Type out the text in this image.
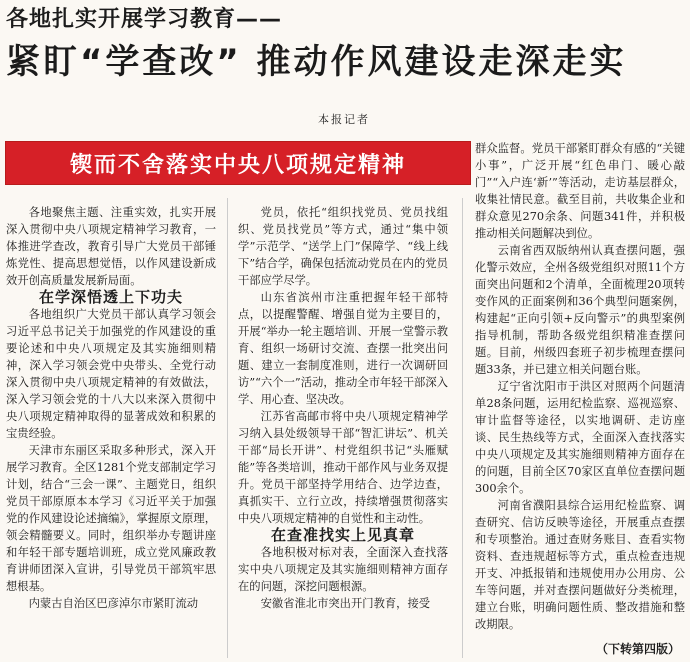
各地扎实开展学习教育——
紧盯“学查改” 推动作风建设走深走实
本报记者
锲而不舍落实中央八项规定精神

各地聚焦主题、注重实效，扎实开展深入贯彻中央八项规定精神学习教育，一体推进学查改，教育引导广大党员干部锤炼党性、提高思想觉悟，以作风建设新成效开创高质量发展新局面。

在学深悟透上下功夫

各地组织广大党员干部认真学习领会习近平总书记关于加强党的作风建设的重要论述和中央八项规定及其实施细则精神，深入学习领会党中央带头、全党行动深入贯彻中央八项规定精神的有效做法，深入学习领会党的十八大以来深入贯彻中央八项规定精神取得的显著成效和积累的宝贵经验。

天津市东丽区采取多种形式，深入开展学习教育。全区1281个党支部制定学习计划，结合“三会一课”、主题党日，组织党员干部原原本本学习《习近平关于加强党的作风建设论述摘编》，掌握原文原理，领会精髓要义。同时，组织举办专题讲座和年轻干部专题培训班，成立党风廉政教育讲师团深入宣讲，引导党员干部筑牢思想根基。

内蒙古自治区巴彦淖尔市紧盯流动

党员，依托“组织找党员、党员找组织、党员找党员”等方式，通过“集中领学”示范学、“送学上门”保障学、“线上线下”结合学，确保包括流动党员在内的党员干部应学尽学。

山东省滨州市注重把握年轻干部特点，以提醒警醒、增强自觉为主要目的，开展“举办一轮主题培训、开展一堂警示教育、组织一场研讨交流、查摆一批突出问题、建立一套制度准则，进行一次调研回访”“六个一”活动，推动全市年轻干部深入学、用心查、坚决改。

江苏省高邮市将中央八项规定精神学习纳入县处级领导干部“智汇讲坛”、机关干部“局长开讲”、村党组织书记“头雁赋能”等各类培训，推动干部作风与业务双提升。党员干部坚持学用结合、边学边查，真抓实干、立行立改，持续增强贯彻落实中央八项规定精神的自觉性和主动性。

在查准找实上见真章

各地积极对标对表，全面深入查找落实中央八项规定及其实施细则精神方面存在的问题，深挖问题根源。

安徽省淮北市突出开门教育，接受

群众监督。党员干部紧盯群众有感的“关键小事”，广泛开展“红色串门、暖心敲门”“入户连‘新’”等活动，走访基层群众，收集社情民意。截至目前，共收集企业和群众意见270余条、问题341件，并积极推动相关问题解决到位。

云南省西双版纳州认真查摆问题，强化警示效应，全州各级党组织对照11个方面突出问题和2个清单，全面梳理20项转变作风的正面案例和36个典型问题案例，构建起“正向引领+反向警示”的典型案例指导机制，帮助各级党组织精准查摆问题。目前，州级四套班子初步梳理查摆问题33条，并已建立相关问题台账。

辽宁省沈阳市于洪区对照两个问题清单28条问题，运用纪检监察、巡视巡察、审计监督等途径，以实地调研、走访座谈、民生热线等方式，全面深入查找落实中央八项规定及其实施细则精神方面存在的问题，目前全区70家区直单位查摆问题300余个。

河南省濮阳县综合运用纪检监察、调查研究、信访反映等途径，开展重点查摆和专项整治。通过查财务账目、查看实物资料、查违规超标等方式，重点检查违规开支、冲抵报销和违规使用办公用房、公车等问题，并对查摆问题做好分类梳理，建立台账，明确问题性质、整改措施和整改期限。

（下转第四版）
